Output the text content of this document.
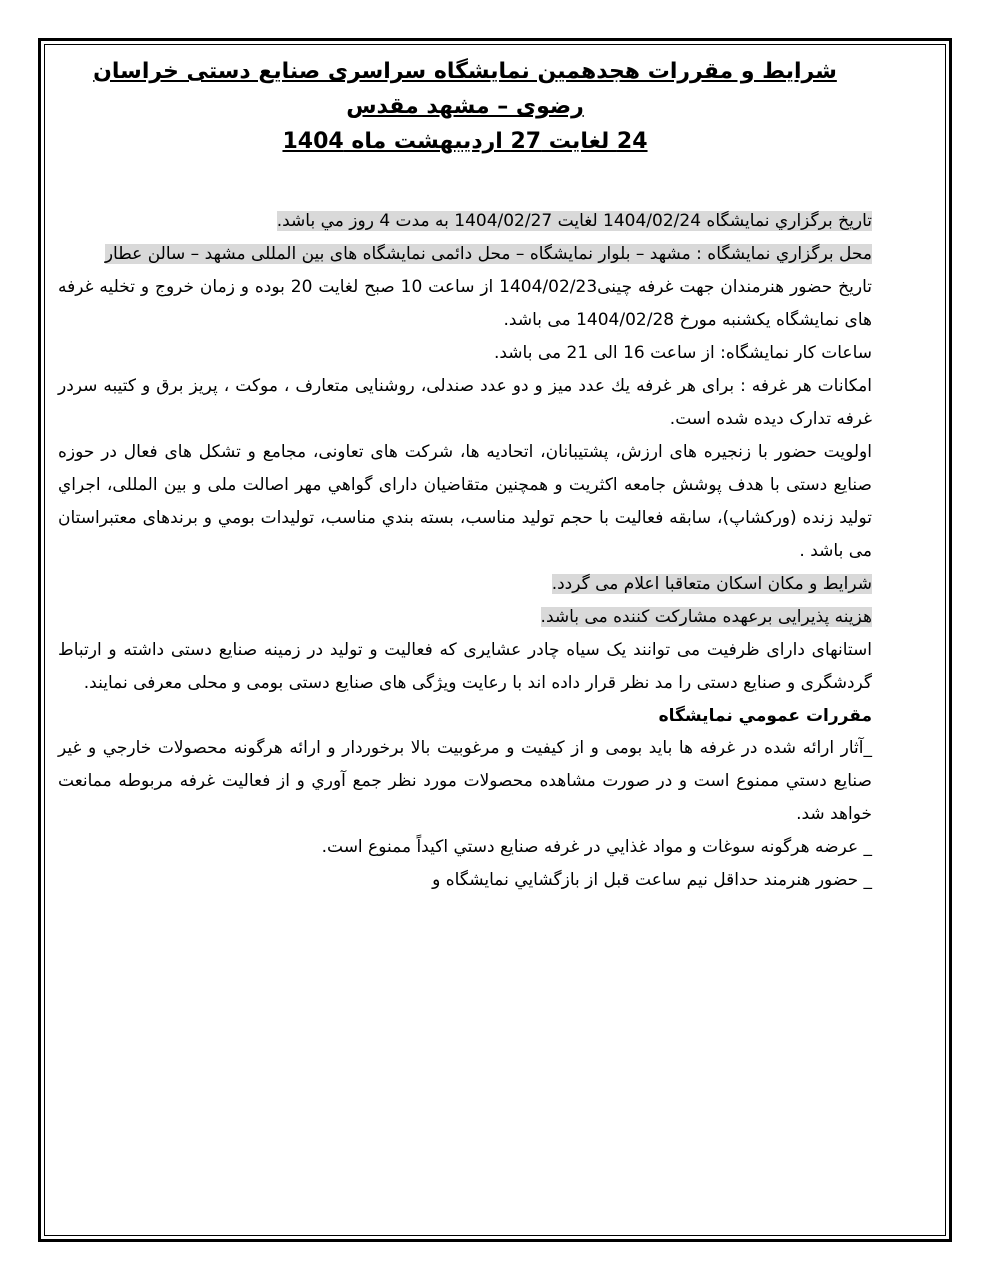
شرایط و مقررات هجدهمین نمایشگاه سراسری صنایع دستی خراسان

رضوی – مشهد مقدس

24 لغایت 27 اردیبهشت ماه 1404

تاریخ برگزاري نمایشگاه 1404/02/24 لغایت 1404/02/27 به مدت 4 روز مي باشد.

محل برگزاري نمایشگاه : مشهد – بلوار نمایشگاه – محل دائمی نمایشگاه های بین المللی مشهد – سالن عطار

تاریخ حضور هنرمندان جهت غرفه چینی1404/02/23 از ساعت 10 صبح لغایت 20 بوده و زمان خروج و تخلیه غرفه های نمایشگاه یکشنبه مورخ 1404/02/28 می باشد.

ساعات کار نمایشگاه: از ساعت 16 الی 21 می باشد.

امکانات هر غرفه : برای هر غرفه یك عدد میز و دو عدد صندلی، روشنایی متعارف ، موکت ، پریز برق و کتیبه سردر غرفه تدارک دیده شده است.

اولویت حضور با زنجیره های ارزش، پشتیبانان، اتحادیه ها، شرکت های تعاونی، مجامع و تشکل های فعال در حوزه صنایع دستی با هدف پوشش جامعه اکثریت و همچنین متقاضیان دارای گواهي مهر اصالت ملی و بین المللی، اجراي تولید زنده (ورکشاپ)، سابقه فعالیت با حجم تولید مناسب، بسته بندي مناسب، تولیدات بومي و برندهای معتبراستان می باشد .

شرایط و مکان اسکان متعاقبا اعلام می گردد.

هزینه پذیرایی برعهده مشارکت کننده می باشد.

استانهای دارای ظرفیت می توانند یک سیاه چادر عشایری که فعالیت و تولید در زمینه صنایع دستی داشته و ارتباط گردشگری و صنایع دستی را مد نظر قرار داده اند با رعایت ویژگی های صنایع دستی بومی و محلی معرفی نمایند.

مقررات عمومي نمایشگاه

_آثار ارائه شده در غرفه ها باید بومی و از کیفیت و مرغوبیت بالا برخوردار و ارائه هرگونه محصولات خارجي و غیر صنایع دستي ممنوع است و در صورت مشاهده محصولات مورد نظر جمع آوري و از فعالیت غرفه مربوطه ممانعت خواهد شد.

_ عرضه هرگونه سوغات و مواد غذایي در غرفه صنایع دستي اکیداً ممنوع است.

_ حضور هنرمند حداقل نیم ساعت قبل از بازگشایي نمایشگاه و
